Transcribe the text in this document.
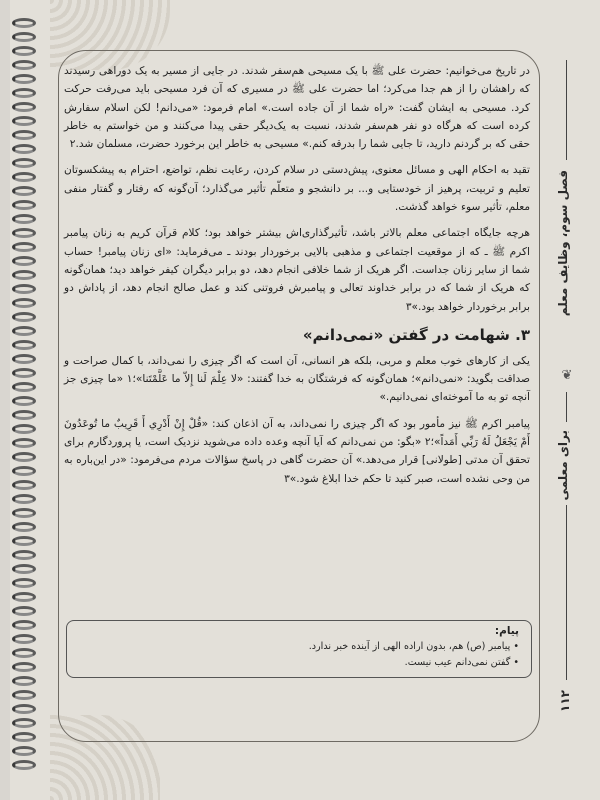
در تاریخ می‌خوانیم: حضرت علی ﷺ با یک مسیحی هم‌سفر شدند. در جایی از مسیر به یک دوراهی رسیدند که راهشان را از هم جدا می‌کرد؛ اما حضرت علی ﷺ در مسیری که آن فرد مسیحی باید می‌رفت حرکت کرد. مسیحی به ایشان گفت: «راه شما از آن جاده است.» امام فرمود: «می‌دانم! لکن اسلام سفارش کرده است که هرگاه دو نفر هم‌سفر شدند، نسبت به یک‌دیگر حقی پیدا می‌کنند و من خواستم به خاطر حقی که بر گردنم دارید، تا جایی شما را بدرقه کنم.» مسیحی به خاطر این برخورد حضرت، مسلمان شد.۲

تقید به احکام الهی و مسائل معنوی، پیش‌دستی در سلام کردن، رعایت نظم، تواضع، احترام به پیشکسوتان تعلیم و تربیت، پرهیز از خودستایی و... بر دانشجو و متعلّم تأثیر می‌گذارد؛ آن‌گونه که رفتار و گفتار منفی معلم، تأثیر سوء خواهد گذشت.

هرچه جایگاه اجتماعی معلم بالاتر باشد، تأثیرگذاری‌اش بیشتر خواهد بود؛ کلام قرآن کریم به زنان پیامبر اکرم ﷺ ـ که از موقعیت اجتماعی و مذهبی بالایی برخوردار بودند ـ می‌فرماید: «ای زنان پیامبر! حساب شما از سایر زنان جداست. اگر هریک از شما خلافی انجام دهد، دو برابر دیگران کیفر خواهد دید؛ همان‌گونه که هریک از شما که در برابر خداوند تعالی و پیامبرش فروتنی کند و عمل صالح انجام دهد، از پاداش دو برابر برخوردار خواهد بود.»۳

۳. شهامت در گفتن «نمی‌دانم»

یکی از کارهای خوب معلم و مربی، بلکه هر انسانی، آن است که اگر چیزی را نمی‌داند، با کمال صراحت و صداقت بگوید: «نمی‌دانم»؛ همان‌گونه که فرشتگان به خدا گفتند: «لا عِلْمَ لَنا إِلاّ ما عَلَّمْتَنا»؛۱ «ما چیزی جز آنچه تو به ما آموخته‌ای نمی‌دانیم.»

پیامبر اکرم ﷺ نیز مأمور بود که اگر چیزی را نمی‌داند، به آن اذعان کند: «قُلْ إِنْ أَدْرِي أَ قَرِيبٌ ما تُوعَدُونَ أَمْ يَجْعَلُ لَهُ رَبِّي أَمَداً»؛۲ «بگو: من نمی‌دانم که آیا آنچه وعده داده می‌شوید نزدیک است، یا پروردگارم برای تحقق آن مدتی [طولانی] قرار می‌دهد.» آن حضرت گاهی در پاسخ سؤالات مردم می‌فرمود: «در این‌باره به من وحی نشده است، صبر کنید تا حکم خدا ابلاغ شود.»۳

پیام:
• پیامبر (ص) هم، بدون اراده الهی از آینده خبر ندارد.
• گفتن نمی‌دانم عیب نیست.
فصل سوم، وظایف معلم
❦
برای معلمی
۱۱۲
